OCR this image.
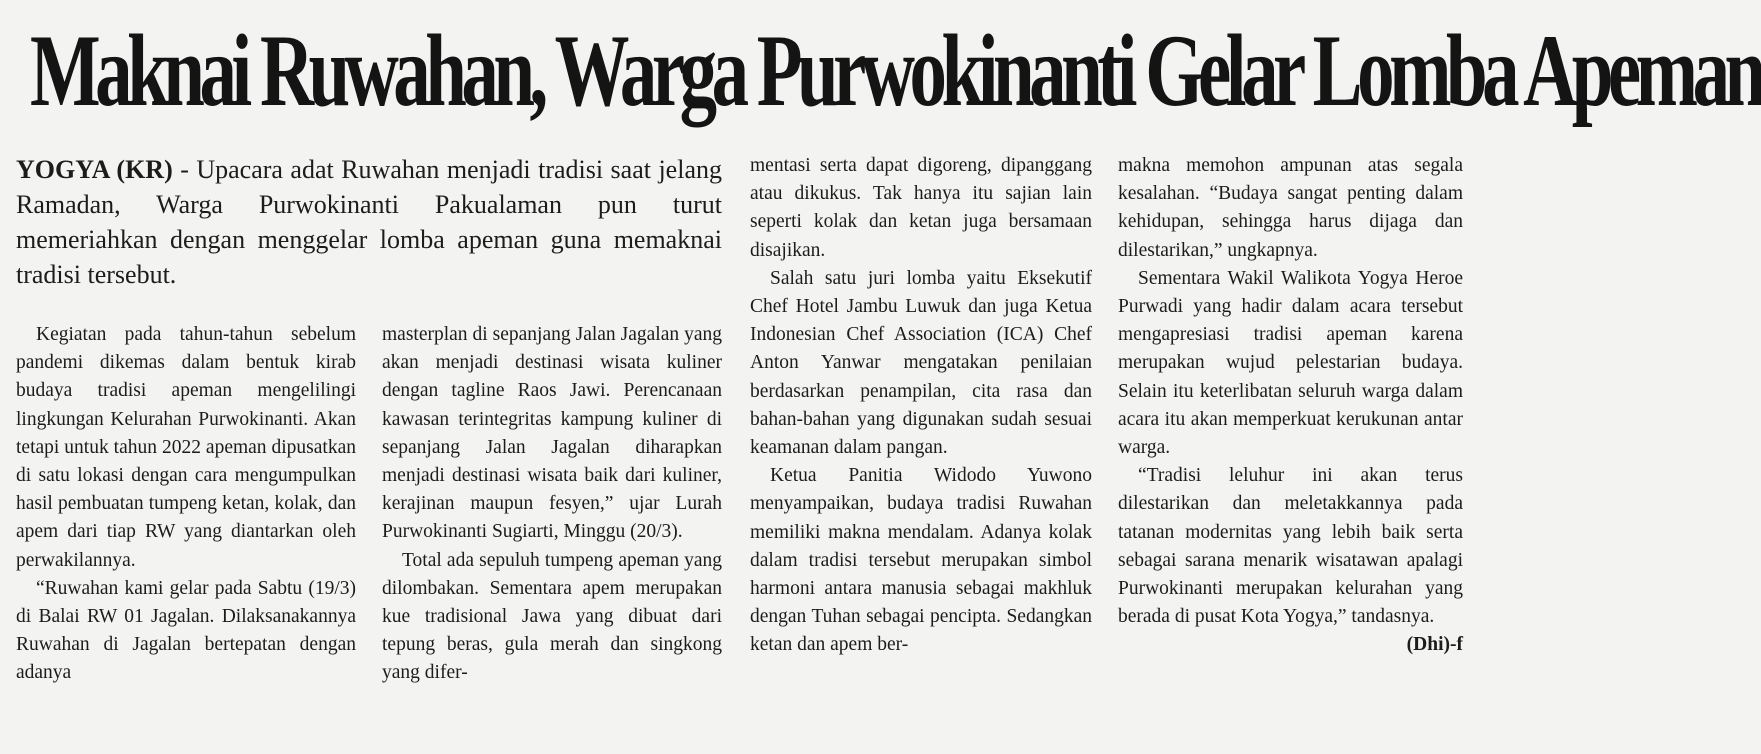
Maknai Ruwahan, Warga Purwokinanti Gelar Lomba Apeman
YOGYA (KR) - Upacara adat Ruwahan menjadi tradisi saat jelang Ramadan, Warga Purwokinanti Pakualaman pun turut memeriahkan dengan menggelar lomba apeman guna memaknai tradisi tersebut.

Kegiatan pada tahun-tahun sebelum pandemi dikemas dalam bentuk kirab budaya tradisi apeman mengelilingi lingkungan Kelurahan Purwokinanti. Akan tetapi untuk tahun 2022 apeman dipusatkan di satu lokasi dengan cara mengumpulkan hasil pembuatan tumpeng ketan, kolak, dan apem dari tiap RW yang diantarkan oleh perwakilannya.

“Ruwahan kami gelar pada Sabtu (19/3) di Balai RW 01 Jagalan. Dilaksanakannya Ruwahan di Jagalan bertepatan dengan adanya

masterplan di sepanjang Jalan Jagalan yang akan menjadi destinasi wisata kuliner dengan tagline Raos Jawi. Perencanaan kawasan terintegritas kampung kuliner di sepanjang Jalan Jagalan diharapkan menjadi destinasi wisata baik dari kuliner, kerajinan maupun fesyen,” ujar Lurah Purwokinanti Sugiarti, Minggu (20/3).

Total ada sepuluh tumpeng apeman yang dilombakan. Sementara apem merupakan kue tradisional Jawa yang dibuat dari tepung beras, gula merah dan singkong yang difer-

mentasi serta dapat digoreng, dipanggang atau dikukus. Tak hanya itu sajian lain seperti kolak dan ketan juga bersamaan disajikan.

Salah satu juri lomba yaitu Eksekutif Chef Hotel Jambu Luwuk dan juga Ketua Indonesian Chef Association (ICA) Chef Anton Yanwar mengatakan penilaian berdasarkan penampilan, cita rasa dan bahan-bahan yang digunakan sudah sesuai keamanan dalam pangan.

Ketua Panitia Widodo Yuwono menyampaikan, budaya tradisi Ruwahan memiliki makna mendalam. Adanya kolak dalam tradisi tersebut merupakan simbol harmoni antara manusia sebagai makhluk dengan Tuhan sebagai pencipta. Sedangkan ketan dan apem ber-

makna memohon ampunan atas segala kesalahan. “Budaya sangat penting dalam kehidupan, sehingga harus dijaga dan dilestarikan,” ungkapnya.

Sementara Wakil Walikota Yogya Heroe Purwadi yang hadir dalam acara tersebut mengapresiasi tradisi apeman karena merupakan wujud pelestarian budaya. Selain itu keterlibatan seluruh warga dalam acara itu akan memperkuat kerukunan antar warga.

“Tradisi leluhur ini akan terus dilestarikan dan meletakkannya pada tatanan modernitas yang lebih baik serta sebagai sarana menarik wisatawan apalagi Purwokinanti merupakan kelurahan yang berada di pusat Kota Yogya,” tandasnya.

(Dhi)-f
